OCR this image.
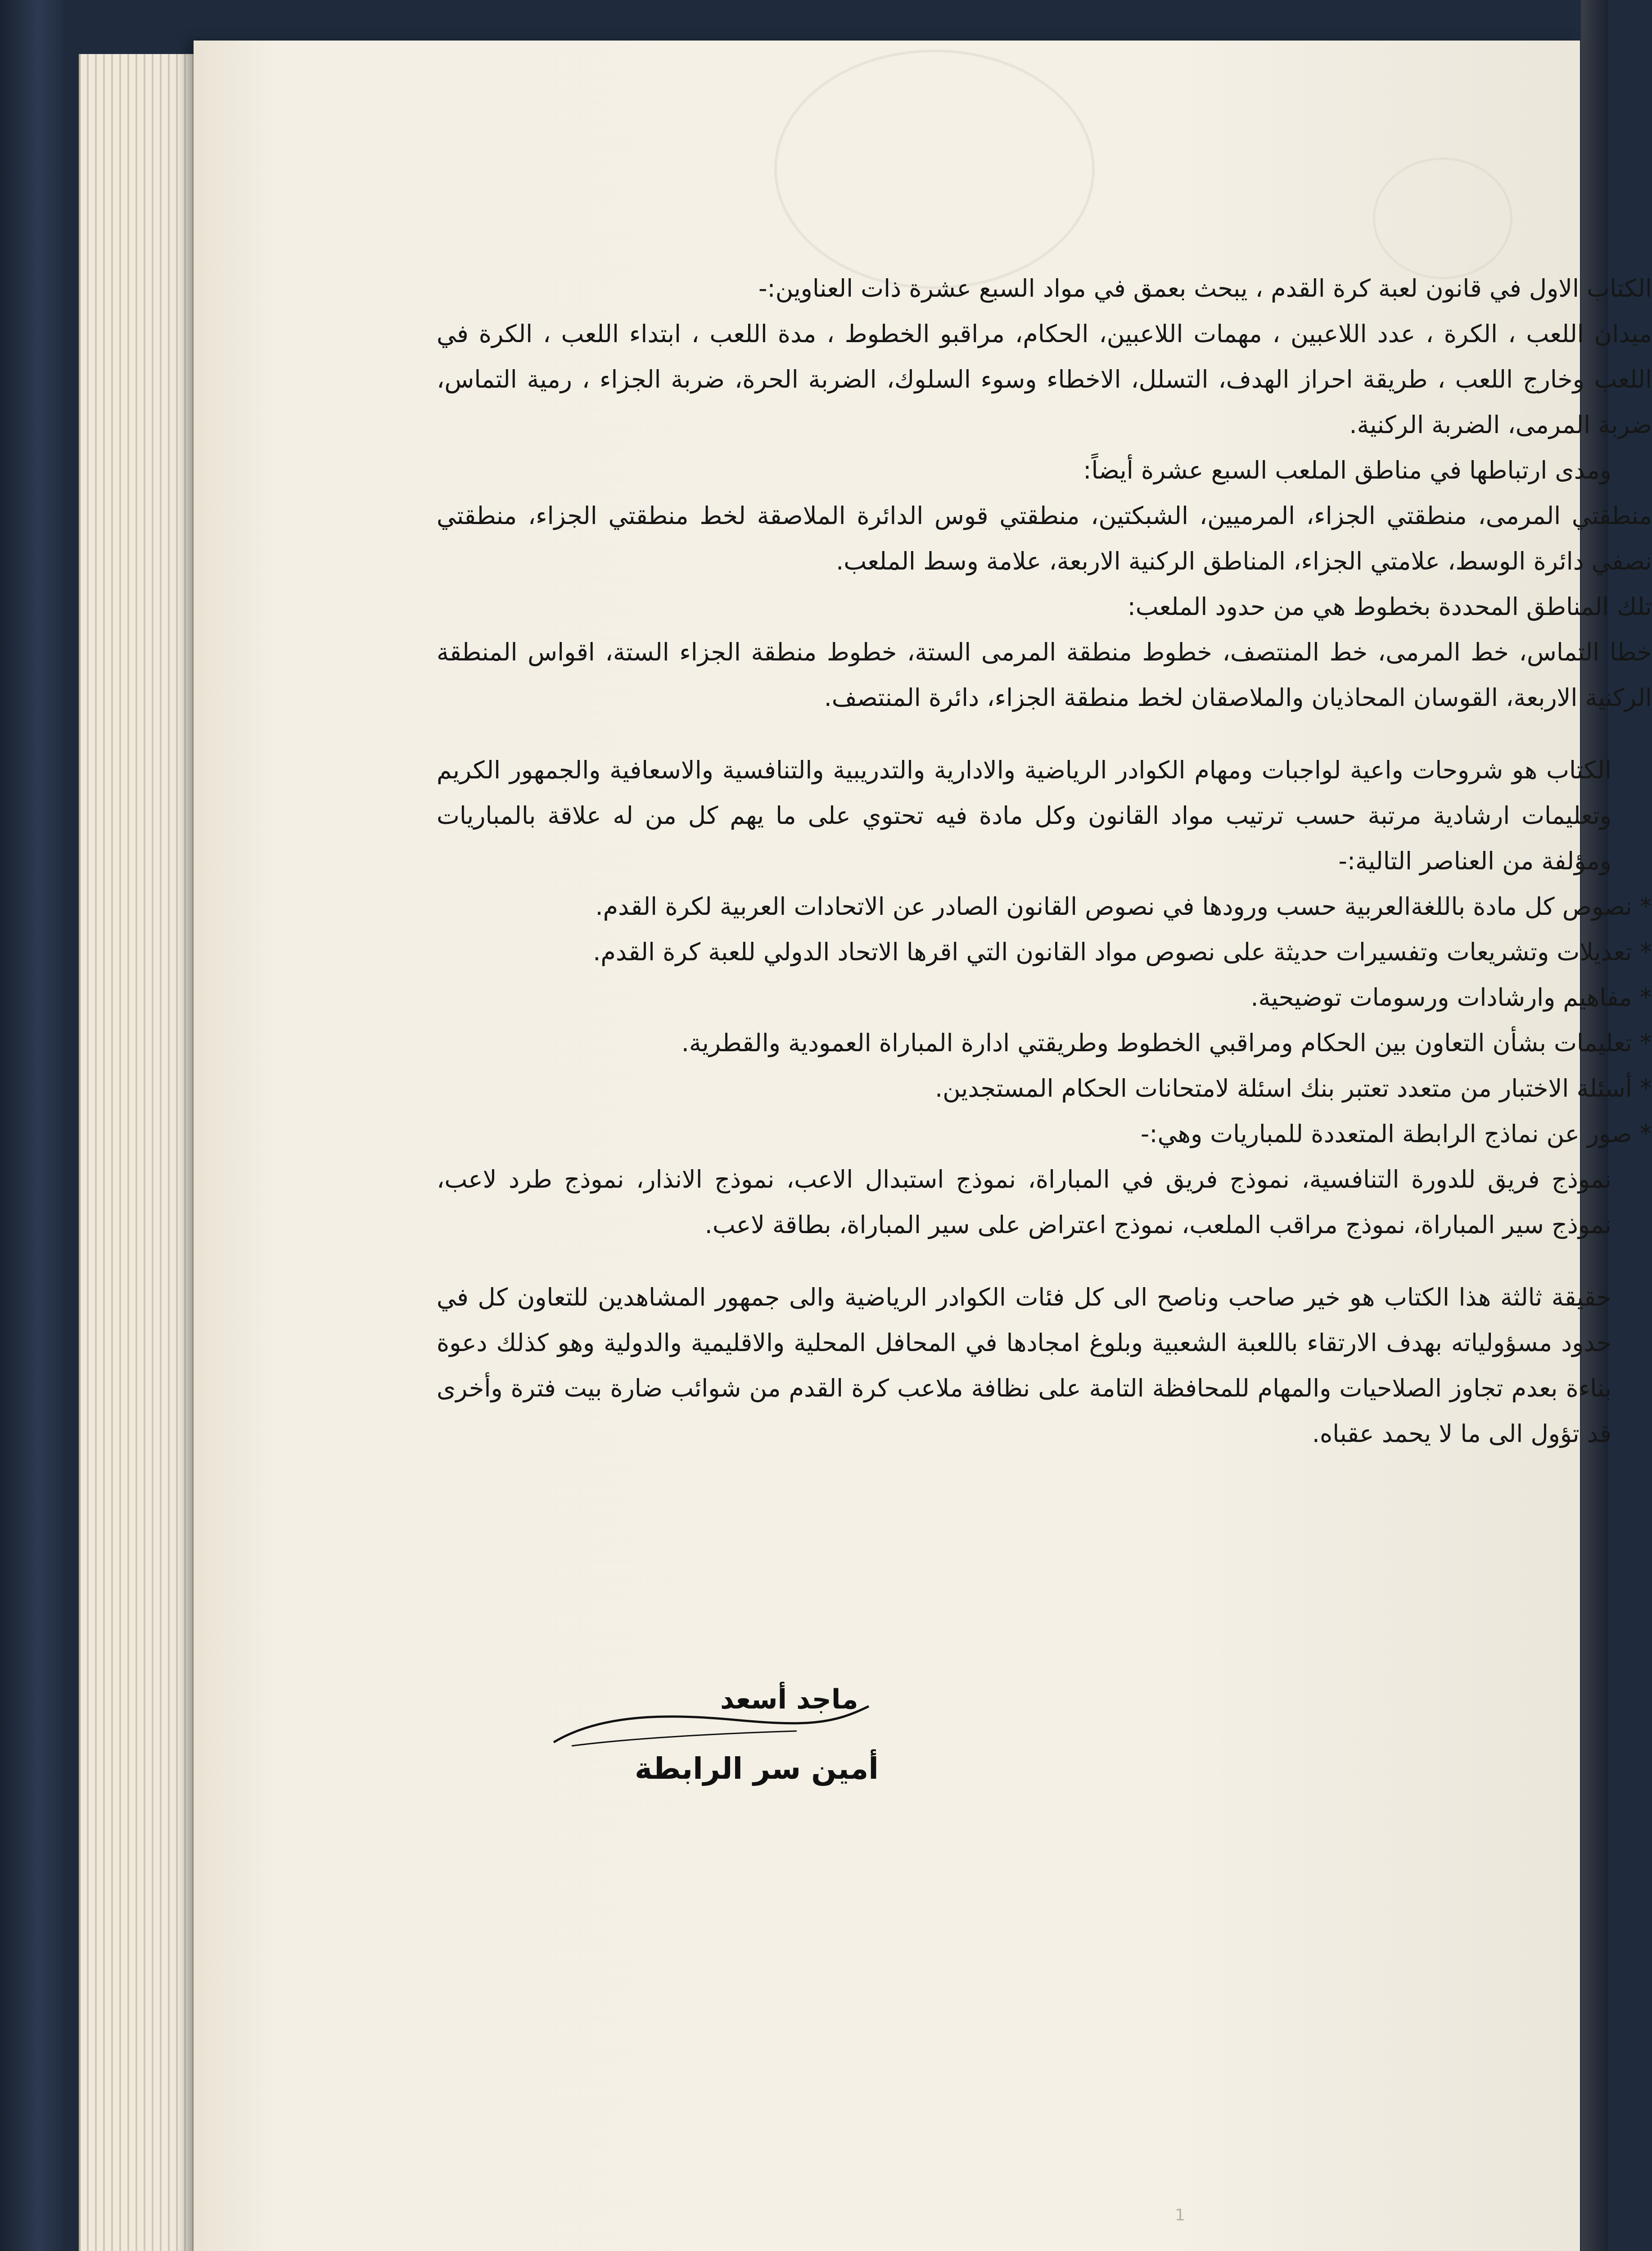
الكتاب الاول في قانون لعبة كرة القدم ، يبحث بعمق في مواد السبع عشرة ذات العناوين:-

ميدان اللعب ، الكرة ، عدد اللاعبين ، مهمات اللاعبين، الحكام، مراقبو الخطوط ، مدة اللعب ، ابتداء اللعب ، الكرة في اللعب وخارج اللعب ، طريقة احراز الهدف، التسلل، الاخطاء وسوء السلوك، الضربة الحرة، ضربة الجزاء ، رمية التماس، ضربة المرمى، الضربة الركنية.

ومدى ارتباطها في مناطق الملعب السبع عشرة أيضاً:

منطقتي المرمى، منطقتي الجزاء، المرميين، الشبكتين، منطقتي قوس الدائرة الملاصقة لخط منطقتي الجزاء، منطقتي نصفي دائرة الوسط، علامتي الجزاء، المناطق الركنية الاربعة، علامة وسط الملعب.

تلك المناطق المحددة بخطوط هي من حدود الملعب:

خطا التماس، خط المرمى، خط المنتصف، خطوط منطقة المرمى الستة، خطوط منطقة الجزاء الستة، اقواس المنطقة الركنية الاربعة، القوسان المحاذيان والملاصقان لخط منطقة الجزاء، دائرة المنتصف.

الكتاب هو شروحات واعية لواجبات ومهام الكوادر الرياضية والادارية والتدريبية والتنافسية والاسعافية والجمهور الكريم وتعليمات ارشادية مرتبة حسب ترتيب مواد القانون وكل مادة فيه تحتوي على ما يهم كل من له علاقة بالمباريات ومؤلفة من العناصر التالية:-

* نصوص كل مادة باللغةالعربية حسب ورودها في نصوص القانون الصادر عن الاتحادات العربية لكرة القدم.

* تعديلات وتشريعات وتفسيرات حديثة على نصوص مواد القانون التي اقرها الاتحاد الدولي للعبة كرة القدم.

* مفاهيم وارشادات ورسومات توضيحية.

* تعليمات بشأن التعاون بين الحكام ومراقبي الخطوط وطريقتي ادارة المباراة العمودية والقطرية.

* أسئلة الاختبار من متعدد تعتبر بنك اسئلة لامتحانات الحكام المستجدين.

* صور عن نماذج الرابطة المتعددة للمباريات وهي:-

نموذج فريق للدورة التنافسية، نموذج فريق في المباراة، نموذج استبدال الاعب، نموذج الانذار، نموذج طرد لاعب، نموذج سير المباراة، نموذج مراقب الملعب، نموذج اعتراض على سير المباراة، بطاقة لاعب.

حقيقة ثالثة هذا الكتاب هو خير صاحب وناصح الى كل فئات الكوادر الرياضية والى جمهور المشاهدين للتعاون كل في حدود مسؤولياته بهدف الارتقاء باللعبة الشعبية وبلوغ امجادها في المحافل المحلية والاقليمية والدولية وهو كذلك دعوة بناءة بعدم تجاوز الصلاحيات والمهام للمحافظة التامة على نظافة ملاعب كرة القدم من شوائب ضارة بيت فترة وأخرى قد تؤول الى ما لا يحمد عقباه.

ماجد أسعد
أمين سر الرابطة
1
